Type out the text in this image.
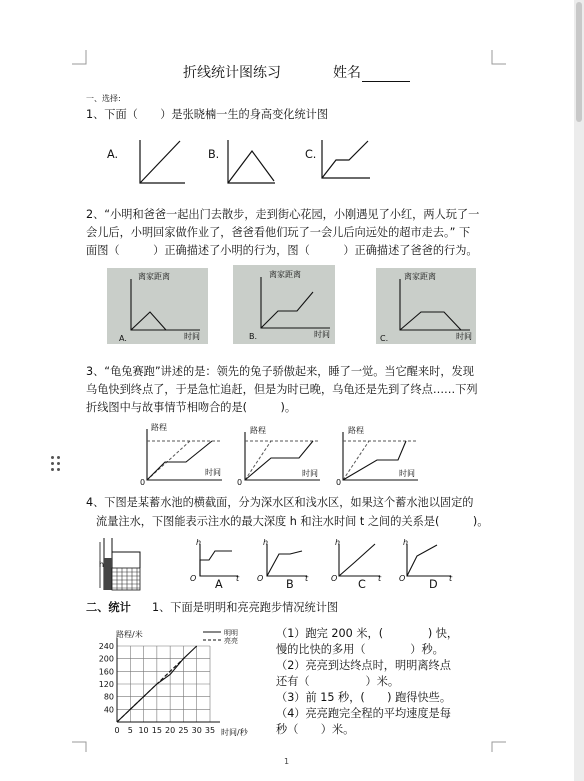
折线统计图练习	姓名
一、选择:
1、下面（　　）是张晓楠一生的身高变化统计图
A.	B.	C.
2、“小明和爸爸一起出门去散步，走到街心花园，小刚遇见了小红，两人玩了一
会儿后，小明回家做作业了，爸爸看他们玩了一会儿后向远处的超市走去。” 下
面图（　　　）正确描述了小明的行为，图（　　　）正确描述了爸爸的行为。
离家距离	离家距离	离家距离
时间	时间	时间
A.	B.	C.
3、“龟兔赛跑”讲述的是：领先的兔子骄傲起来，睡了一觉。当它醒来时，发现
乌龟快到终点了，于是急忙追赶，但是为时已晚，乌龟还是先到了终点……下列
折线图中与故事情节相吻合的是(　　　)。
路程	路程	路程
时间	时间	时间
0	0	0
4、下图是某蓄水池的横截面，分为深水区和浅水区，如果这个蓄水池以固定的
流量注水，下图能表示注水的最大深度 h 和注水时间 t 之间的关系是(　　　)。
h
h	h	h	h
O	O	O	O
t	t	t	t
A	B	C	D
二、统计 1、下面是明明和亮亮跑步情况统计图
路程/米
时间/秒
0 5 10 15 20 25 30 35
40
80
120
160
200
240
明明
亮亮
（1）跑完 200 米，(　　　　) 快，
慢的比快的多用（　　　　）秒。
（2）亮亮到达终点时，明明离终点
还有（　　　　　）米。
（3）前 15 秒，(　　) 跑得快些。
（4）亮亮跑完全程的平均速度是每
秒（　　）米。
1
